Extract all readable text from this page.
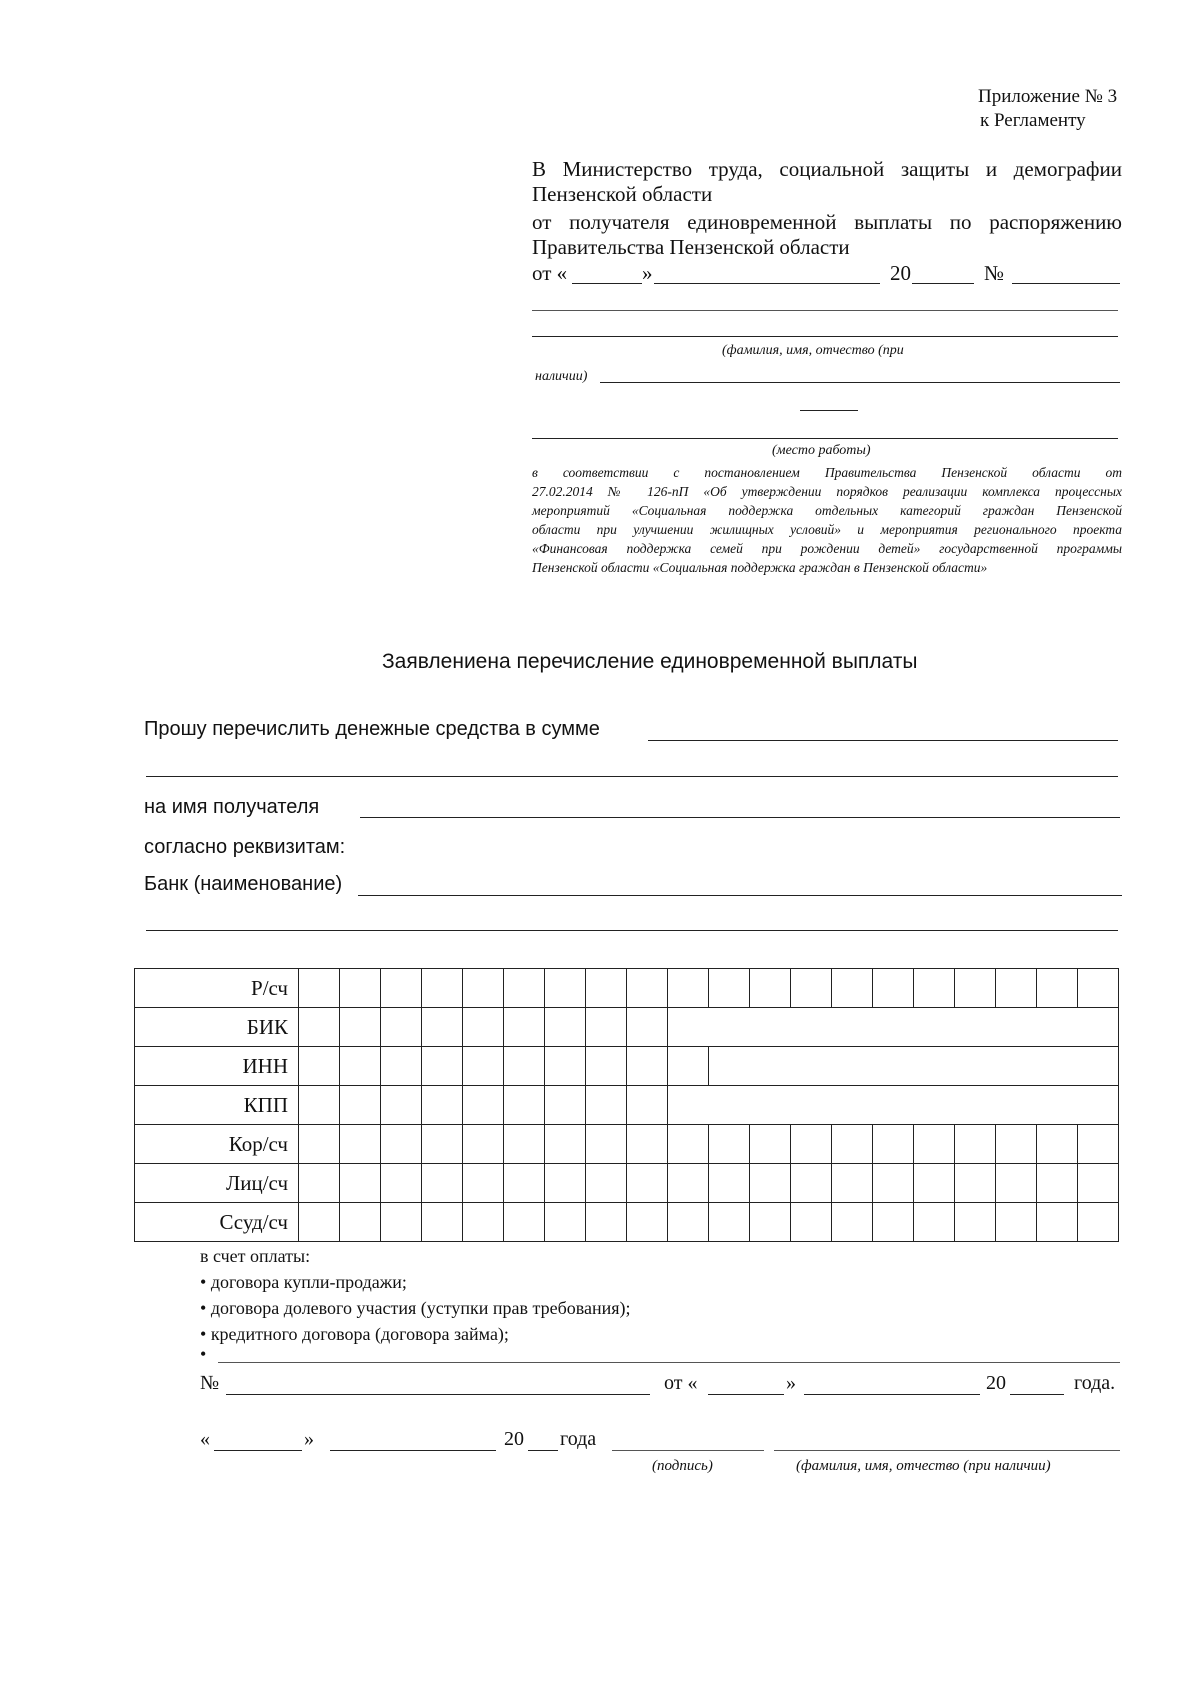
Приложение № 3
к Регламенту
В Министерство труда, социальной защиты и демографии
Пензенской области
от получателя единовременной выплаты по распоряжению
Правительства Пензенской области
от «	»	20	№
(фамилия, имя, отчество (при
наличии)
(место работы)
в соответствии с постановлением Правительства Пензенской области от
27.02.2014 № 126-пП «Об утверждении порядков реализации комплекса процессных
мероприятий «Социальная поддержка отдельных категорий граждан Пензенской
области при улучшении жилищных условий» и мероприятия регионального проекта
«Финансовая поддержка семей при рождении детей» государственной программы
Пензенской области «Социальная поддержка граждан в Пензенской области»
Заявлениена перечисление единовременной выплаты
Прошу перечислить денежные средства в сумме
на имя получателя
согласно реквизитам:
Банк (наименование)
Р/сч																				
БИК																				
ИНН																				
КПП																				
Кор/сч																				
Лиц/сч																				
Ссуд/сч																				
в счет оплаты:
• договора купли-продажи;
• договора долевого участия (уступки прав требования);
• кредитного договора (договора займа);
•
№	от «	»	20	года.
«	»	20 года
(подпись)	(фамилия, имя, отчество (при наличии)
